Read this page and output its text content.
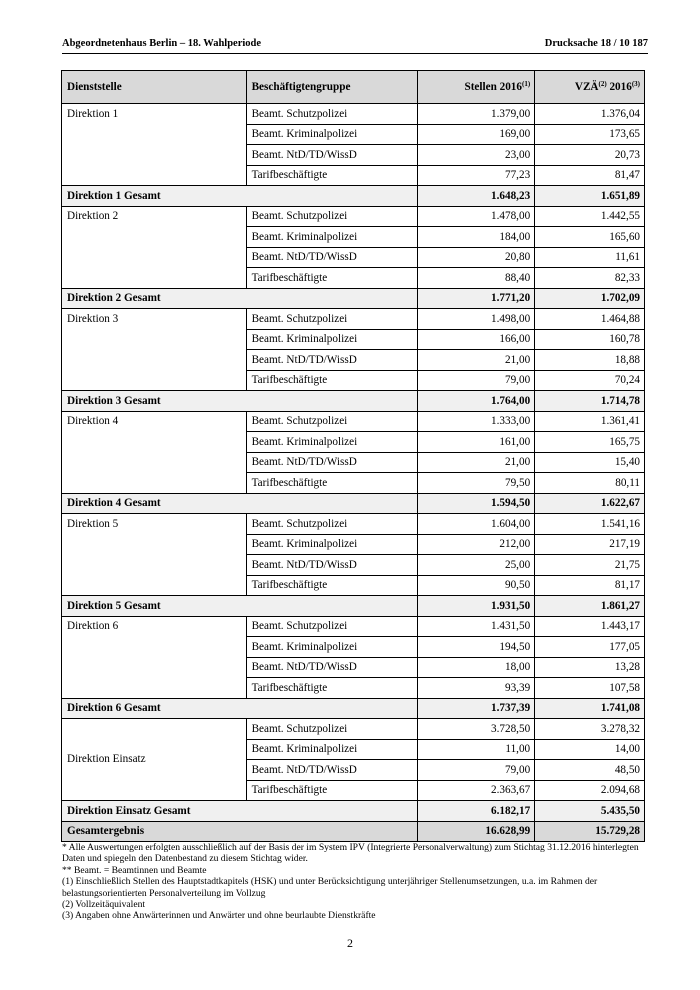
Abgeordnetenhaus Berlin – 18. Wahlperiode	Drucksache 18 / 10 187
Dienststelle	Beschäftigtengruppe	Stellen 2016$^{(1)}$	VZÄ$^{(2)}$ 2016$^{(3)}$
Direktion 1	Beamt. Schutzpolizei	1.379,00	1.376,04
	Beamt. Kriminalpolizei	169,00	173,65
	Beamt. NtD/TD/WissD	23,00	20,73
	Tarifbeschäftigte	77,23	81,47
Direktion 1 Gesamt		1.648,23	1.651,89
Direktion 2	Beamt. Schutzpolizei	1.478,00	1.442,55
	Beamt. Kriminalpolizei	184,00	165,60
	Beamt. NtD/TD/WissD	20,80	11,61
	Tarifbeschäftigte	88,40	82,33
Direktion 2 Gesamt		1.771,20	1.702,09
Direktion 3	Beamt. Schutzpolizei	1.498,00	1.464,88
	Beamt. Kriminalpolizei	166,00	160,78
	Beamt. NtD/TD/WissD	21,00	18,88
	Tarifbeschäftigte	79,00	70,24
Direktion 3 Gesamt		1.764,00	1.714,78
Direktion 4	Beamt. Schutzpolizei	1.333,00	1.361,41
	Beamt. Kriminalpolizei	161,00	165,75
	Beamt. NtD/TD/WissD	21,00	15,40
	Tarifbeschäftigte	79,50	80,11
Direktion 4 Gesamt		1.594,50	1.622,67
Direktion 5	Beamt. Schutzpolizei	1.604,00	1.541,16
	Beamt. Kriminalpolizei	212,00	217,19
	Beamt. NtD/TD/WissD	25,00	21,75
	Tarifbeschäftigte	90,50	81,17
Direktion 5 Gesamt		1.931,50	1.861,27
Direktion 6	Beamt. Schutzpolizei	1.431,50	1.443,17
	Beamt. Kriminalpolizei	194,50	177,05
	Beamt. NtD/TD/WissD	18,00	13,28
	Tarifbeschäftigte	93,39	107,58
Direktion 6 Gesamt		1.737,39	1.741,08
Direktion Einsatz	Beamt. Schutzpolizei	3.728,50	3.278,32
	Beamt. Kriminalpolizei	11,00	14,00
	Beamt. NtD/TD/WissD	79,00	48,50
	Tarifbeschäftigte	2.363,67	2.094,68
Direktion Einsatz Gesamt		6.182,17	5.435,50
Gesamtergebnis		16.628,99	15.729,28
* Alle Auswertungen erfolgten ausschließlich auf der Basis der im System IPV (Integrierte Personalverwaltung) zum Stichtag 31.12.2016 hinterlegten Daten und spiegeln den Datenbestand zu diesem Stichtag wider.
** Beamt. = Beamtinnen und Beamte
(1) Einschließlich Stellen des Hauptstadtkapitels (HSK) und unter Berücksichtigung unterjähriger Stellenumsetzungen, u.a. im Rahmen der belastungsorientierten Personalverteilung im Vollzug
(2) Vollzeitäquivalent
(3) Angaben ohne Anwärterinnen und Anwärter und ohne beurlaubte Dienstkräfte
2
